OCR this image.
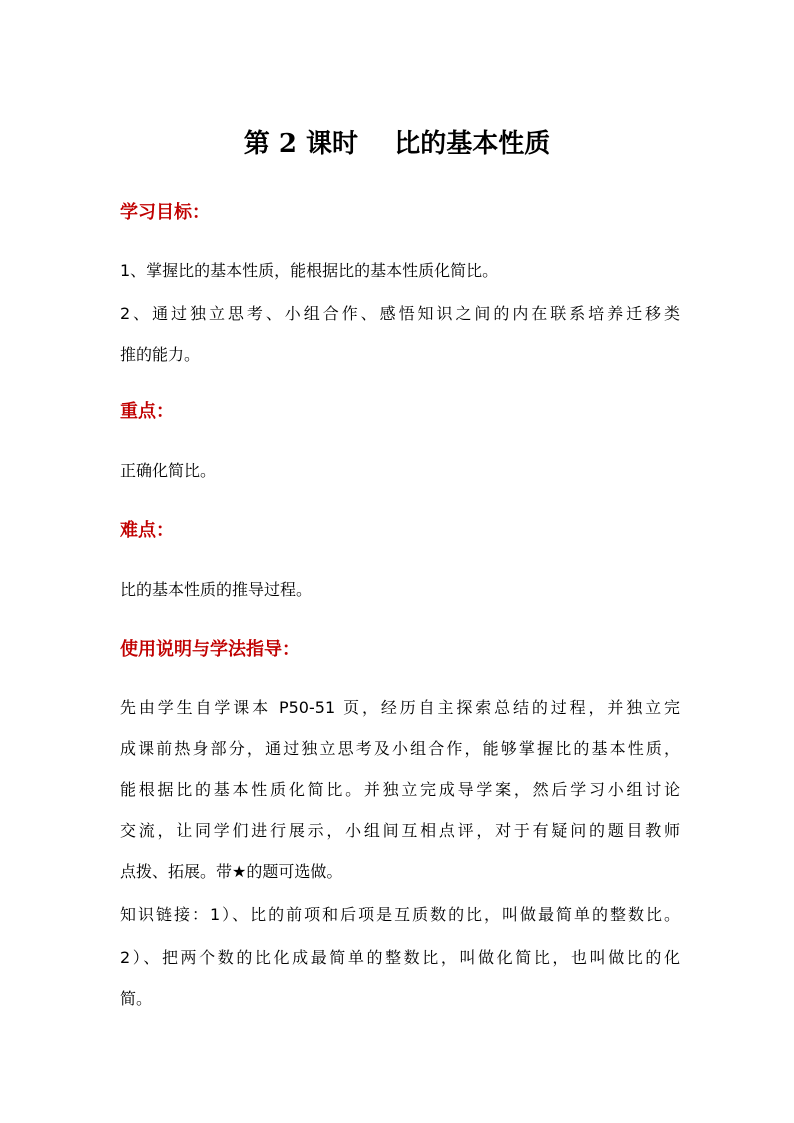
第 2 课时    比的基本性质
学习目标：

1、掌握比的基本性质，能根据比的基本性质化简比。

2、通过独立思考、小组合作、感悟知识之间的内在联系培养迁移类

推的能力。

重点：

正确化简比。

难点：

比的基本性质的推导过程。

使用说明与学法指导：

先由学生自学课本 P50-51 页，经历自主探索总结的过程，并独立完

成课前热身部分，通过独立思考及小组合作，能够掌握比的基本性质，

能根据比的基本性质化简比。并独立完成导学案，然后学习小组讨论

交流，让同学们进行展示，小组间互相点评，对于有疑问的题目教师

点拨、拓展。带★的题可选做。

知识链接：1）、比的前项和后项是互质数的比，叫做最简单的整数比。

2）、把两个数的比化成最简单的整数比，叫做化简比，也叫做比的化

简。
